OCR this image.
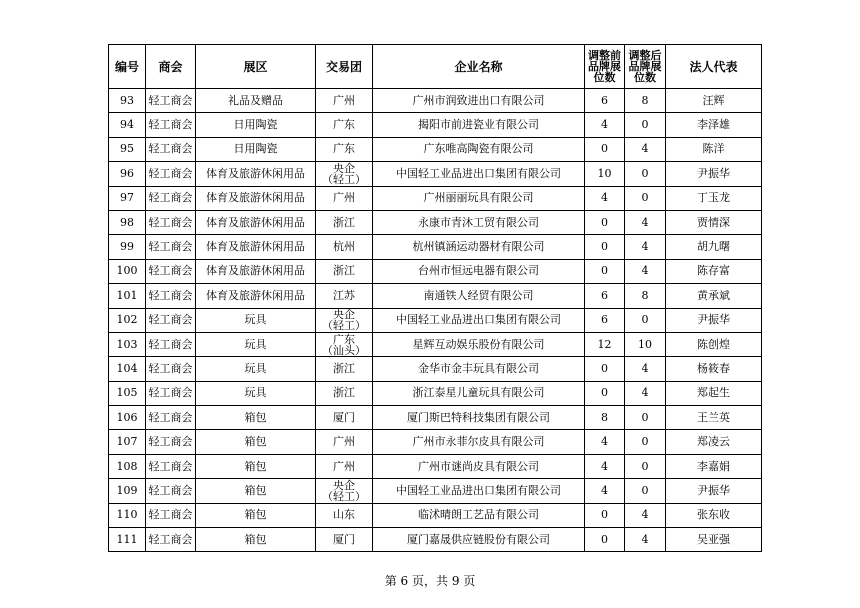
编号	商会	展区	交易团	企业名称	调整前
品牌展
位数	调整后
品牌展
位数	法人代表
93	轻工商会	礼品及赠品	广州	广州市润致进出口有限公司	6	8	汪辉
94	轻工商会	日用陶瓷	广东	揭阳市前进瓷业有限公司	4	0	李泽雄
95	轻工商会	日用陶瓷	广东	广东唯高陶瓷有限公司	0	4	陈洋
96	轻工商会	体育及旅游休闲用品	央企
（轻工）	中国轻工业品进出口集团有限公司	10	0	尹振华
97	轻工商会	体育及旅游休闲用品	广州	广州丽丽玩具有限公司	4	0	丁玉龙
98	轻工商会	体育及旅游休闲用品	浙江	永康市青沐工贸有限公司	0	4	贾情深
99	轻工商会	体育及旅游休闲用品	杭州	杭州镇涵运动器材有限公司	0	4	胡九曙
100	轻工商会	体育及旅游休闲用品	浙江	台州市恒远电器有限公司	0	4	陈存富
101	轻工商会	体育及旅游休闲用品	江苏	南通铁人经贸有限公司	6	8	黄承斌
102	轻工商会	玩具	央企
（轻工）	中国轻工业品进出口集团有限公司	6	0	尹振华
103	轻工商会	玩具	广东
（汕头）	星辉互动娱乐股份有限公司	12	10	陈创煌
104	轻工商会	玩具	浙江	金华市金丰玩具有限公司	0	4	杨筱春
105	轻工商会	玩具	浙江	浙江泰星儿童玩具有限公司	0	4	郑起生
106	轻工商会	箱包	厦门	厦门斯巴特科技集团有限公司	8	0	王兰英
107	轻工商会	箱包	广州	广州市永菲尔皮具有限公司	4	0	郑凌云
108	轻工商会	箱包	广州	广州市谜尚皮具有限公司	4	0	李嘉娟
109	轻工商会	箱包	央企
（轻工）	中国轻工业品进出口集团有限公司	4	0	尹振华
110	轻工商会	箱包	山东	临沭晴朗工艺品有限公司	0	4	张东收
111	轻工商会	箱包	厦门	厦门嘉晟供应链股份有限公司	0	4	吴亚强
第 6 页，共 9 页
